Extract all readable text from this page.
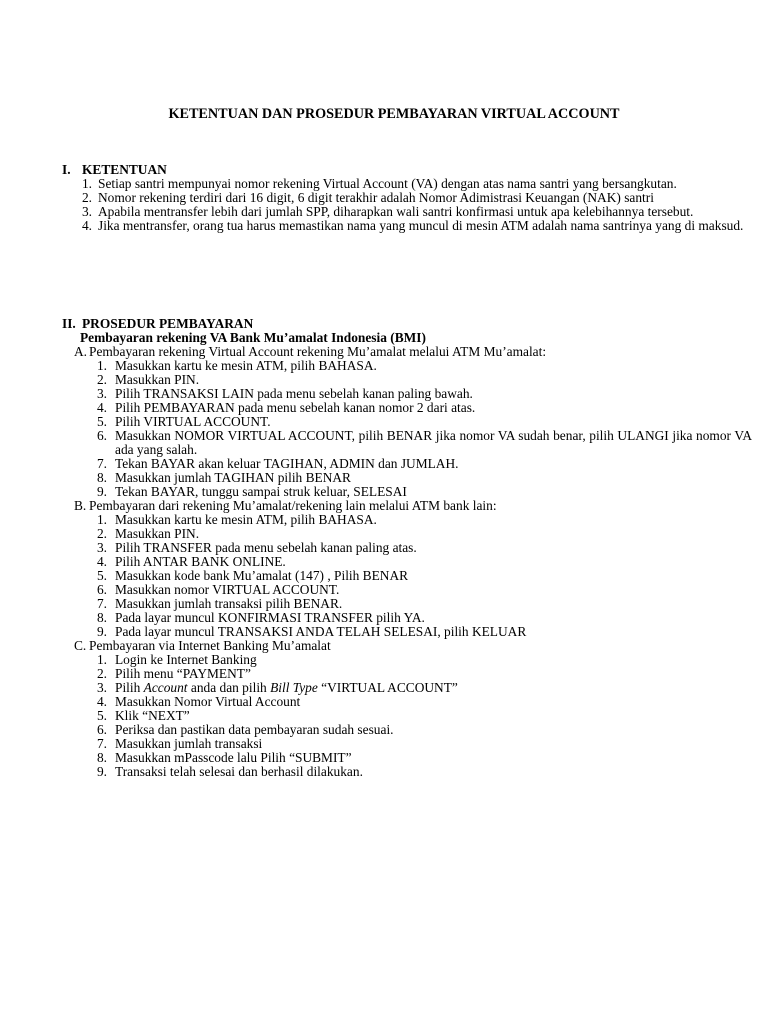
KETENTUAN DAN PROSEDUR PEMBAYARAN VIRTUAL ACCOUNT
I. KETENTUAN
1. Setiap santri mempunyai nomor rekening Virtual Account (VA) dengan atas nama santri yang bersangkutan.
2. Nomor rekening terdiri dari 16 digit, 6 digit terakhir adalah Nomor Adimistrasi Keuangan (NAK) santri
3. Apabila mentransfer lebih dari jumlah SPP, diharapkan wali santri konfirmasi untuk apa kelebihannya tersebut.
4. Jika mentransfer, orang tua harus memastikan nama yang muncul di mesin ATM adalah nama santrinya yang di maksud.
II. PROSEDUR PEMBAYARAN
Pembayaran rekening VA Bank Mu’amalat Indonesia (BMI)
A. Pembayaran rekening Virtual Account rekening Mu’amalat melalui ATM Mu’amalat:
1. Masukkan kartu ke mesin ATM, pilih BAHASA.
2. Masukkan PIN.
3. Pilih TRANSAKSI LAIN pada menu sebelah kanan paling bawah.
4. Pilih PEMBAYARAN pada menu sebelah kanan nomor 2 dari atas.
5. Pilih VIRTUAL ACCOUNT.
6. Masukkan NOMOR VIRTUAL ACCOUNT, pilih BENAR jika nomor VA sudah benar, pilih ULANGI jika nomor VA ada yang salah.
7. Tekan BAYAR akan keluar TAGIHAN, ADMIN dan JUMLAH.
8. Masukkan jumlah TAGIHAN pilih BENAR
9. Tekan BAYAR, tunggu sampai struk keluar, SELESAI
B. Pembayaran dari rekening Mu’amalat/rekening lain melalui ATM bank lain:
1. Masukkan kartu ke mesin ATM, pilih BAHASA.
2. Masukkan PIN.
3. Pilih TRANSFER pada menu sebelah kanan paling atas.
4. Pilih ANTAR BANK ONLINE.
5. Masukkan kode bank Mu’amalat (147) , Pilih BENAR
6. Masukkan nomor VIRTUAL ACCOUNT.
7. Masukkan jumlah transaksi pilih BENAR.
8. Pada layar muncul KONFIRMASI TRANSFER pilih YA.
9. Pada layar muncul TRANSAKSI ANDA TELAH SELESAI, pilih KELUAR
C. Pembayaran via Internet Banking Mu’amalat
1. Login ke Internet Banking
2. Pilih menu “PAYMENT”
3. Pilih Account anda dan pilih Bill Type “VIRTUAL ACCOUNT”
4. Masukkan Nomor Virtual Account
5. Klik “NEXT”
6. Periksa dan pastikan data pembayaran sudah sesuai.
7. Masukkan jumlah transaksi
8. Masukkan mPasscode lalu Pilih “SUBMIT”
9. Transaksi telah selesai dan berhasil dilakukan.
